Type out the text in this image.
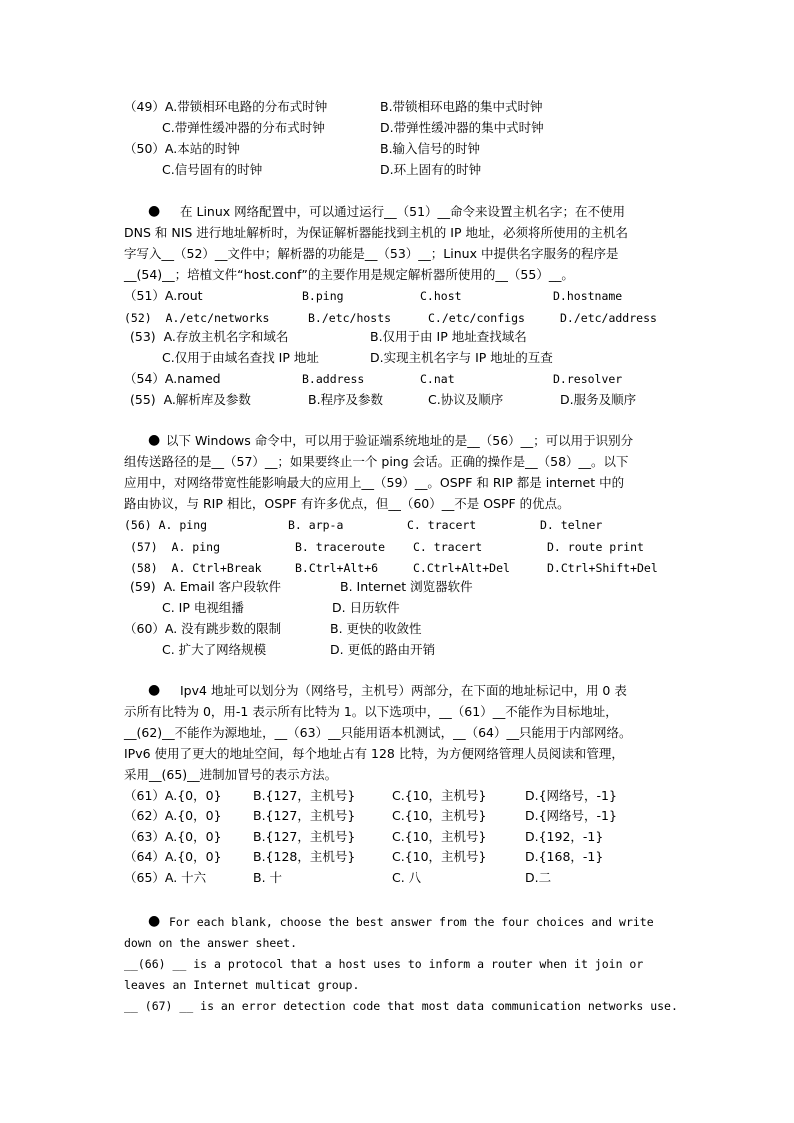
（49）A.带锁相环电路的分布式时钟	B.带锁相环电路的集中式时钟
C.带弹性缓冲器的分布式时钟	D.带弹性缓冲器的集中式时钟
（50）A.本站的时钟	B.输入信号的时钟
C.信号固有的时钟	D.环上固有的时钟
● 在 Linux 网络配置中，可以通过运行__（51）__命令来设置主机名字；在不使用
DNS 和 NIS 进行地址解析时，为保证解析器能找到主机的 IP 地址，必须将所使用的主机名
字写入__（52）__文件中；解析器的功能是__（53）__；Linux 中提供名字服务的程序是
__(54)__；培植文件“host.conf”的主要作用是规定解析器所使用的__（55）__。
（51）A.rout	B.ping	C.host	D.hostname
(52)  A./etc/networks	B./etc/hosts	C./etc/configs	D./etc/address
(53)  A.存放主机名字和域名	B.仅用于由 IP 地址查找域名
C.仅用于由域名查找 IP 地址	D.实现主机名字与 IP 地址的互查
（54）A.named	B.address	C.nat	D.resolver
(55)  A.解析库及参数	B.程序及参数	C.协议及顺序	D.服务及顺序
● 以下 Windows 命令中，可以用于验证端系统地址的是__（56）__；可以用于识别分
组传送路径的是__（57）__；如果要终止一个 ping 会话。正确的操作是__（58）__。以下
应用中，对网络带宽性能影响最大的应用上__（59）__。OSPF 和 RIP 都是 internet 中的
路由协议，与 RIP 相比，OSPF 有许多优点，但__（60）__不是 OSPF 的优点。
(56) A. ping	B. arp-a	C. tracert	D. telner
(57)  A. ping	B. traceroute C. tracert	D. route print
(58)  A. Ctrl+Break	B.Ctrl+Alt+6	C.Ctrl+Alt+Del	D.Ctrl+Shift+Del
(59)  A. Email 客户段软件	B. Internet 浏览器软件
C. IP 电视组播	D. 日历软件
（60）A. 没有跳步数的限制	B. 更快的收敛性
C. 扩大了网络规模	D. 更低的路由开销
● Ipv4 地址可以划分为（网络号，主机号）两部分，在下面的地址标记中，用 0 表
示所有比特为 0，用-1 表示所有比特为 1。以下选项中，__（61）__不能作为目标地址，
__(62)__不能作为源地址，__（63）__只能用语本机测试，__（64）__只能用于内部网络。
IPv6 使用了更大的地址空间，每个地址占有 128 比特，为方便网络管理人员阅读和管理，
采用__(65)__进制加冒号的表示方法。
（61）A.{0，0}	B.{127，主机号}	C.{10，主机号}	D.{网络号，-1}
（62）A.{0，0}	B.{127，主机号}	C.{10，主机号}	D.{网络号，-1}
（63）A.{0，0}	B.{127，主机号}	C.{10，主机号}	D.{192，-1}
（64）A.{0，0}	B.{128，主机号}	C.{10，主机号}	D.{168，-1}
（65）A. 十六	B. 十	C. 八	D.二
● For each blank, choose the best answer from the four choices and write
down on the answer sheet.
__(66) __ is a protocol that a host uses to inform a router when it join or
leaves an Internet multicat group.
__ (67) __ is an error detection code that most data communication networks use.
